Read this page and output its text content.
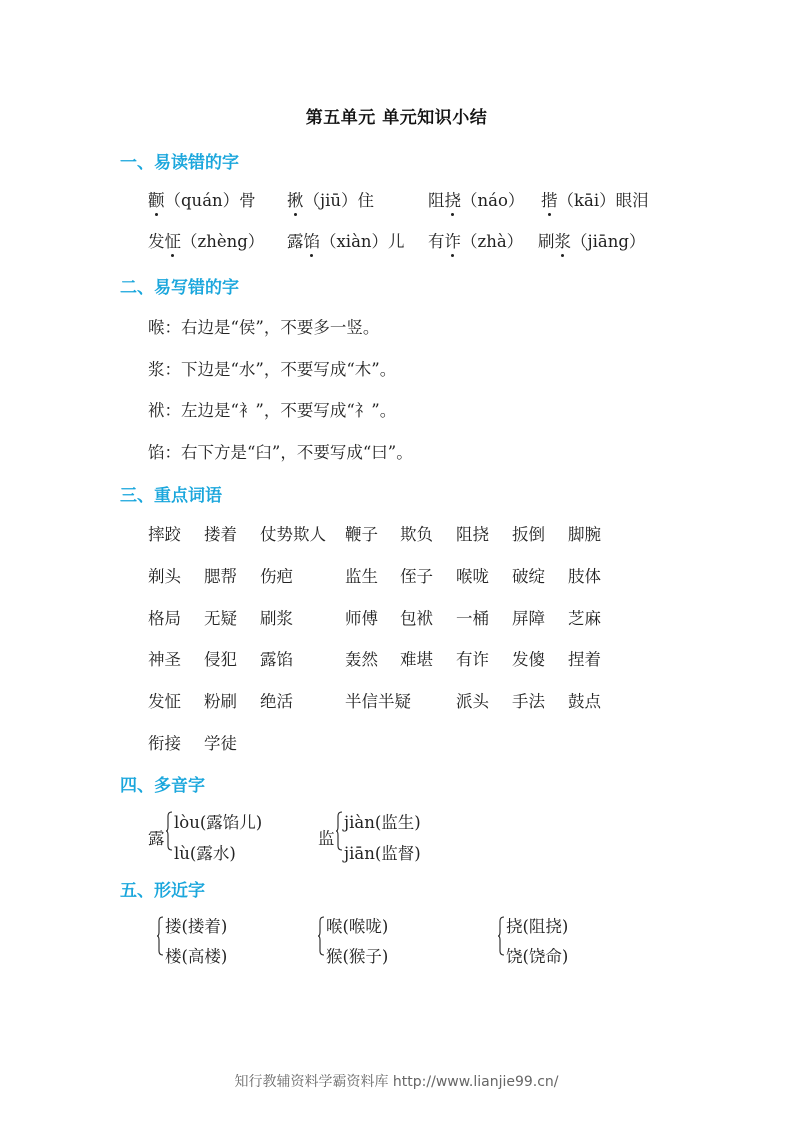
第五单元 单元知识小结
一、易读错的字
颧（quán）骨 揪（jiū）住	阻挠（náo） 揩（kāi）眼泪
发怔（zhèng） 露馅（xiàn）儿 有诈（zhà） 刷浆（jiāng）
二、易写错的字
喉：右边是“侯”，不要多一竖。
浆：下边是“水”，不要写成“木”。
袱：左边是“衤”，不要写成“礻”。
馅：右下方是“臼”，不要写成“曰”。
三、重点词语
摔跤 搂着 仗势欺人 鞭子 欺负 阻挠 扳倒 脚腕
剃头 腮帮 伤疤	监生 侄子 喉咙 破绽 肢体
格局 无疑 刷浆	师傅 包袱 一桶 屏障 芝麻
神圣 侵犯 露馅	轰然 难堪 有诈 发傻 捏着
发怔 粉刷 绝活	半信半疑	派头 手法 鼓点
衔接 学徒
四、多音字
露
lòu(露馅儿)
lù(露水)
监
jiàn(监生)
jiān(监督)
五、形近字
搂(搂着)
楼(高楼)
喉(喉咙)
猴(猴子)
挠(阻挠)
饶(饶命)
知行教辅资料学霸资料库 http://www.lianjie99.cn/
